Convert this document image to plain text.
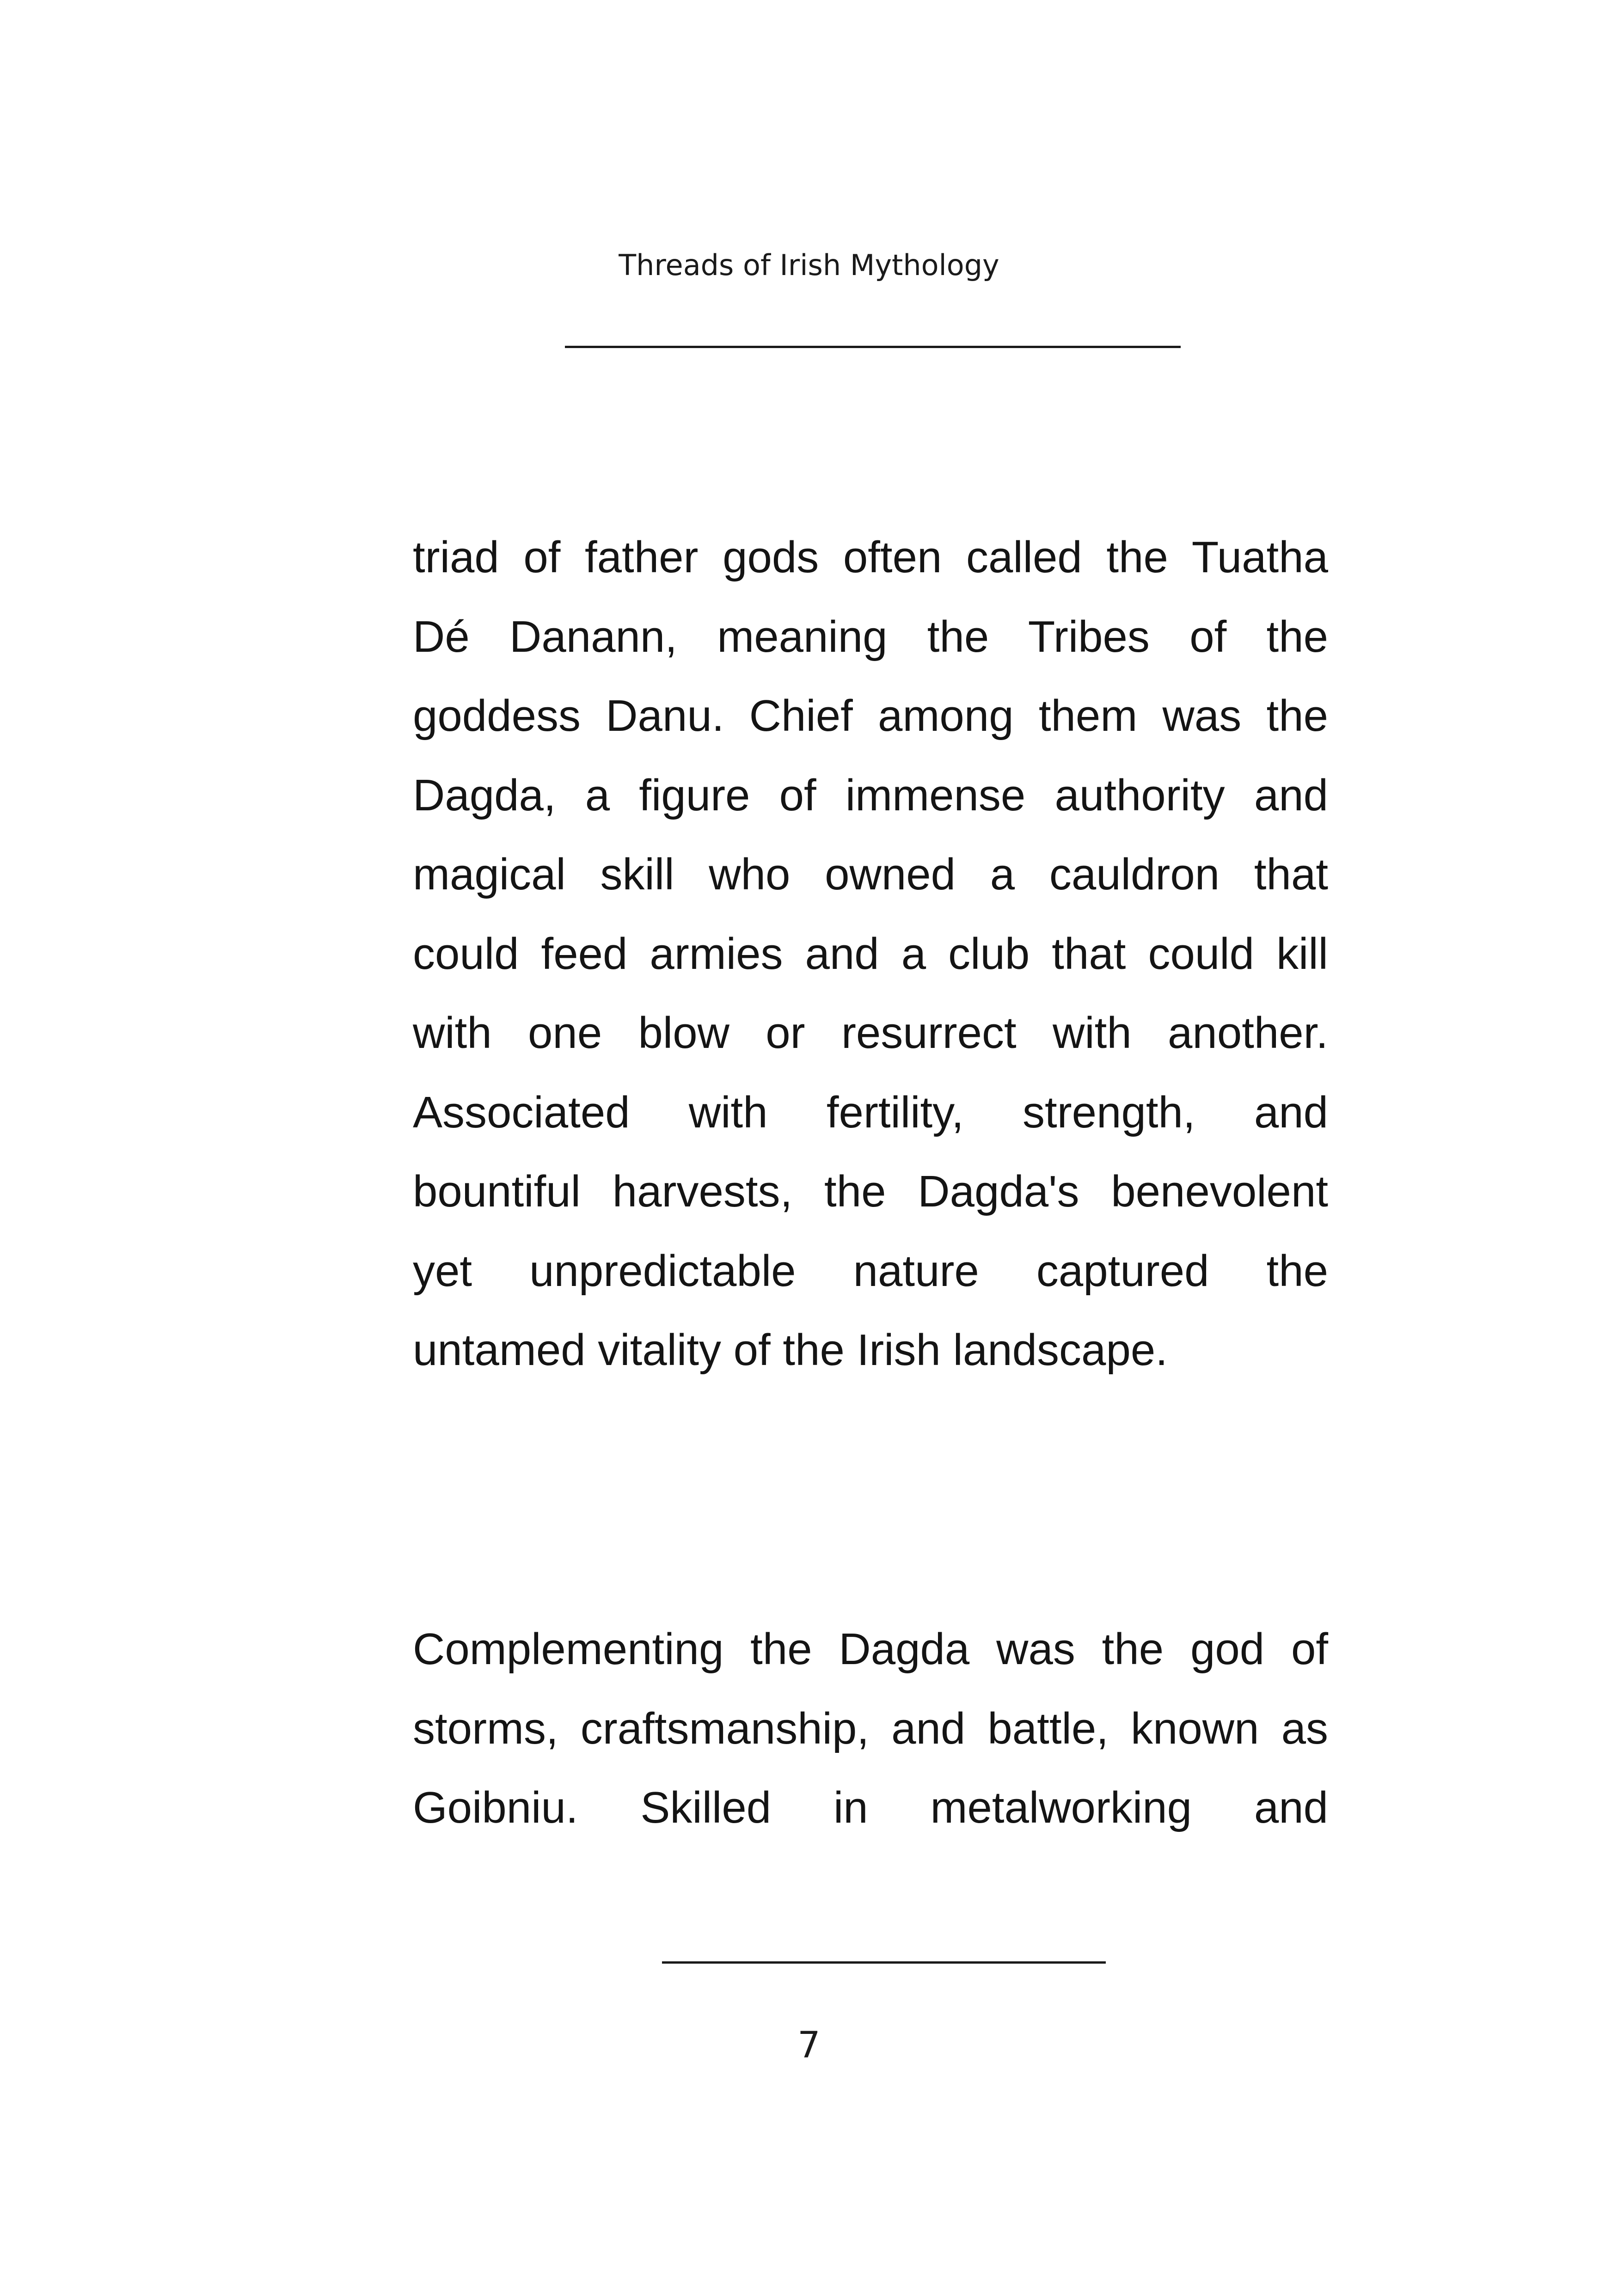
Threads of Irish Mythology
triad of father gods often called the Tuatha
Dé Danann, meaning the Tribes of the
goddess Danu. Chief among them was the
Dagda, a figure of immense authority and
magical skill who owned a cauldron that
could feed armies and a club that could kill
with one blow or resurrect with another.
Associated with fertility, strength, and
bountiful harvests, the Dagda's benevolent
yet unpredictable nature captured the
untamed vitality of the Irish landscape.
Complementing the Dagda was the god of
storms, craftsmanship, and battle, known as
Goibniu. Skilled in metalworking and
7
